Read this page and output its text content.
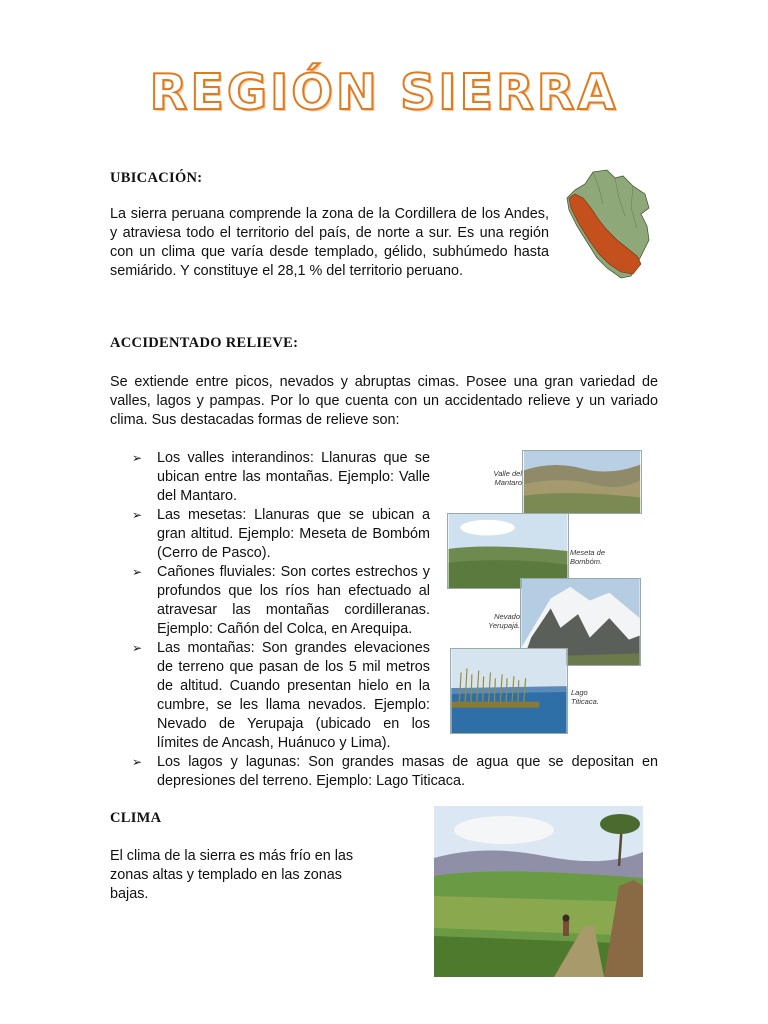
REGIÓN SIERRA
UBICACIÓN:

La sierra peruana comprende la zona de la Cordillera de los Andes, y atraviesa todo el territorio del país, de norte a sur. Es una región con un clima que varía desde templado, gélido, subhúmedo hasta semiárido. Y constituye el 28,1 % del territorio peruano.

ACCIDENTADO RELIEVE:

Se extiende entre picos, nevados y abruptas cimas. Posee una gran variedad de valles, lagos y pampas. Por lo que cuenta con un accidentado relieve y un variado clima. Sus destacadas formas de relieve son:

➢ Los valles interandinos: Llanuras que se ubican entre las montañas. Ejemplo: Valle del Mantaro.
➢ Las mesetas: Llanuras que se ubican a gran altitud. Ejemplo: Meseta de Bombóm (Cerro de Pasco).
➢ Cañones fluviales: Son cortes estrechos y profundos que los ríos han efectuado al atravesar las montañas cordilleranas. Ejemplo: Cañón del Colca, en Arequipa.
➢ Las montañas: Son grandes elevaciones de terreno que pasan de los 5 mil metros de altitud. Cuando presentan hielo en la cumbre, se les llama nevados. Ejemplo: Nevado de Yerupaja (ubicado en los límites de Ancash, Huánuco y Lima).
➢ Los lagos y lagunas: Son grandes masas de agua que se depositan en depresiones del terreno. Ejemplo: Lago Titicaca.
Valle del Mantaro
Meseta de Bombóm.
Nevado Yerupajá.
Lago Titicaca.
CLIMA

El clima de la sierra es más frío en las zonas altas y templado en las zonas bajas.
